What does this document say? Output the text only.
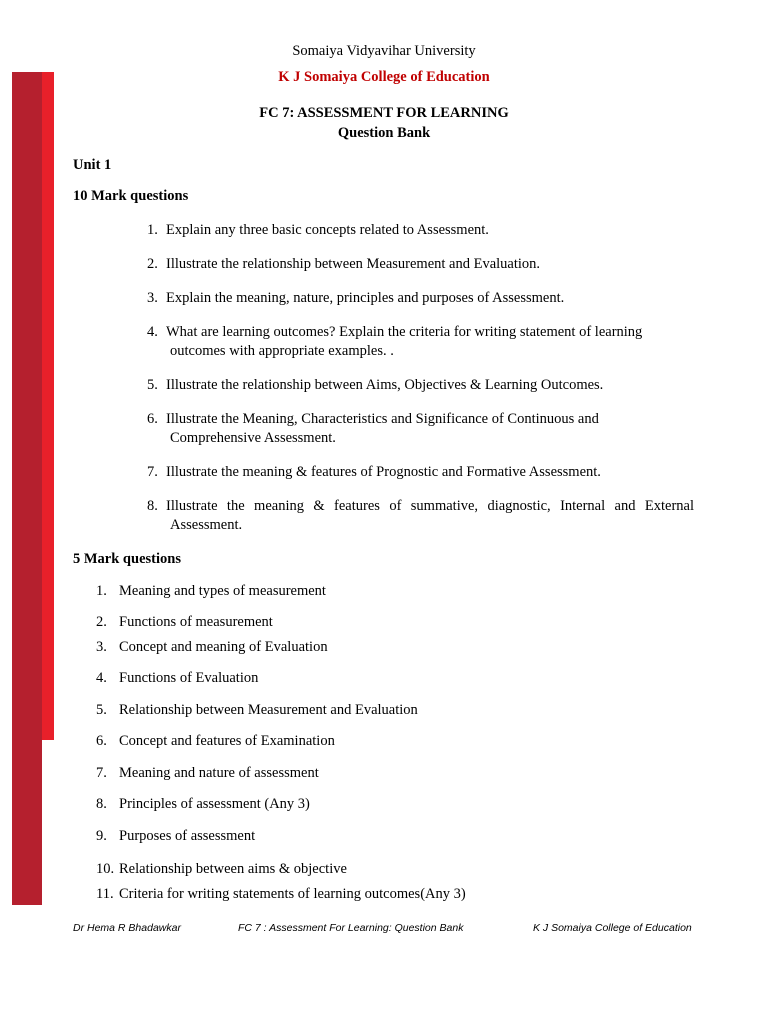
Somaiya Vidyavihar University
K J Somaiya College of Education
FC 7: ASSESSMENT FOR LEARNING
Question Bank
Unit 1
10 Mark questions
1. Explain any three basic concepts related to Assessment.
2. Illustrate the relationship between Measurement and Evaluation.
3. Explain the meaning, nature, principles and purposes of Assessment.
4. What are learning outcomes? Explain the criteria for writing statement of learning
outcomes with appropriate examples. .
5. Illustrate the relationship between Aims, Objectives & Learning Outcomes.
6. Illustrate the Meaning, Characteristics and Significance of Continuous and
Comprehensive Assessment.
7. Illustrate the meaning & features of Prognostic and Formative Assessment.
8. Illustrate the meaning & features of summative, diagnostic, Internal and External
Assessment.
5 Mark questions
1. Meaning and types of measurement
2. Functions of measurement
3. Concept and meaning of Evaluation
4. Functions of Evaluation
5. Relationship between Measurement and Evaluation
6. Concept and features of Examination
7. Meaning and nature of assessment
8. Principles of assessment (Any 3)
9. Purposes of assessment
10. Relationship between aims & objective
11. Criteria for writing statements of learning outcomes(Any 3)
Dr Hema R Bhadawkar	FC 7 : Assessment For Learning: Question Bank	K J Somaiya College of Education
